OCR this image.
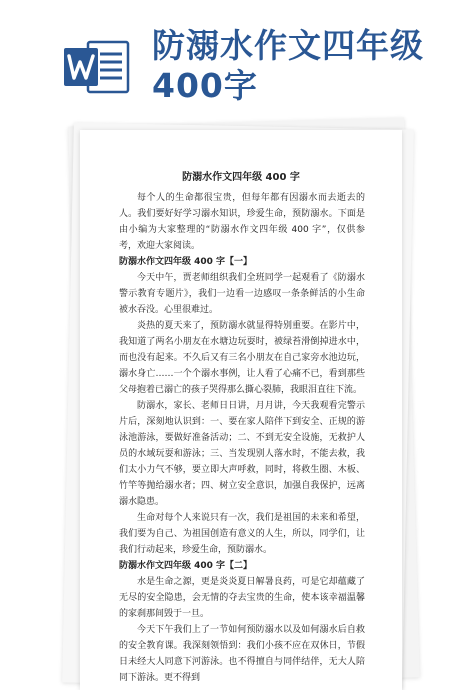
防溺水作文四年级400字
防溺水作文四年级 400 字

每个人的生命都很宝贵，但每年都有因溺水而去逝去的人。我们要好好学习溺水知识，珍爱生命，预防溺水。下面是由小编为大家整理的“防溺水作文四年级 400 字”，仅供参考，欢迎大家阅读。

防溺水作文四年级 400 字【一】

今天中午，贾老师组织我们全班同学一起观看了《防溺水警示教育专题片》，我们一边看一边感叹一条条鲜活的小生命被水吞没。心里很难过。

炎热的夏天来了，预防溺水就显得特别重要。在影片中，我知道了两名小朋友在水塘边玩耍时，被绿苔滑倒掉进水中，而也没有起来。不久后又有三名小朋友在自己家旁水池边玩，溺水身亡……一个个溺水事例，让人看了心痛不已，看到那些父母抱着已溺亡的孩子哭得那么撕心裂肺，我眼泪直往下流。

防溺水，家长、老师日日讲，月月讲，今天我观看完警示片后，深刻地认识到：一、要在家人陪伴下到安全、正规的游泳池游泳，要做好准备活动；二、不到无安全设施，无救护人员的水域玩耍和游泳；三、当发现别人落水时，不能去救，我们太小力气不够，要立即大声呼救，同时，将救生圈、木板、竹竿等抛给溺水者；四、树立安全意识，加强自我保护，远离溺水隐患。

生命对每个人来说只有一次，我们是祖国的未来和希望，我们要为自己、为祖国创造有意义的人生，所以，同学们，让我们行动起来，珍爱生命，预防溺水。

防溺水作文四年级 400 字【二】

水是生命之源，更是炎炎夏日解暑良药，可是它却蕴藏了无尽的安全隐患，会无情的夺去宝贵的生命，使本该幸福温馨的家刹那间毁于一旦。

今天下午我们上了一节如何预防溺水以及如何溺水后自救的安全教育课。我深刻领悟到：我们小孩不应在双休日，节假日未经大人同意下河游泳。也不得擅自与同伴结伴，无大人陪同下游泳。更不得到
